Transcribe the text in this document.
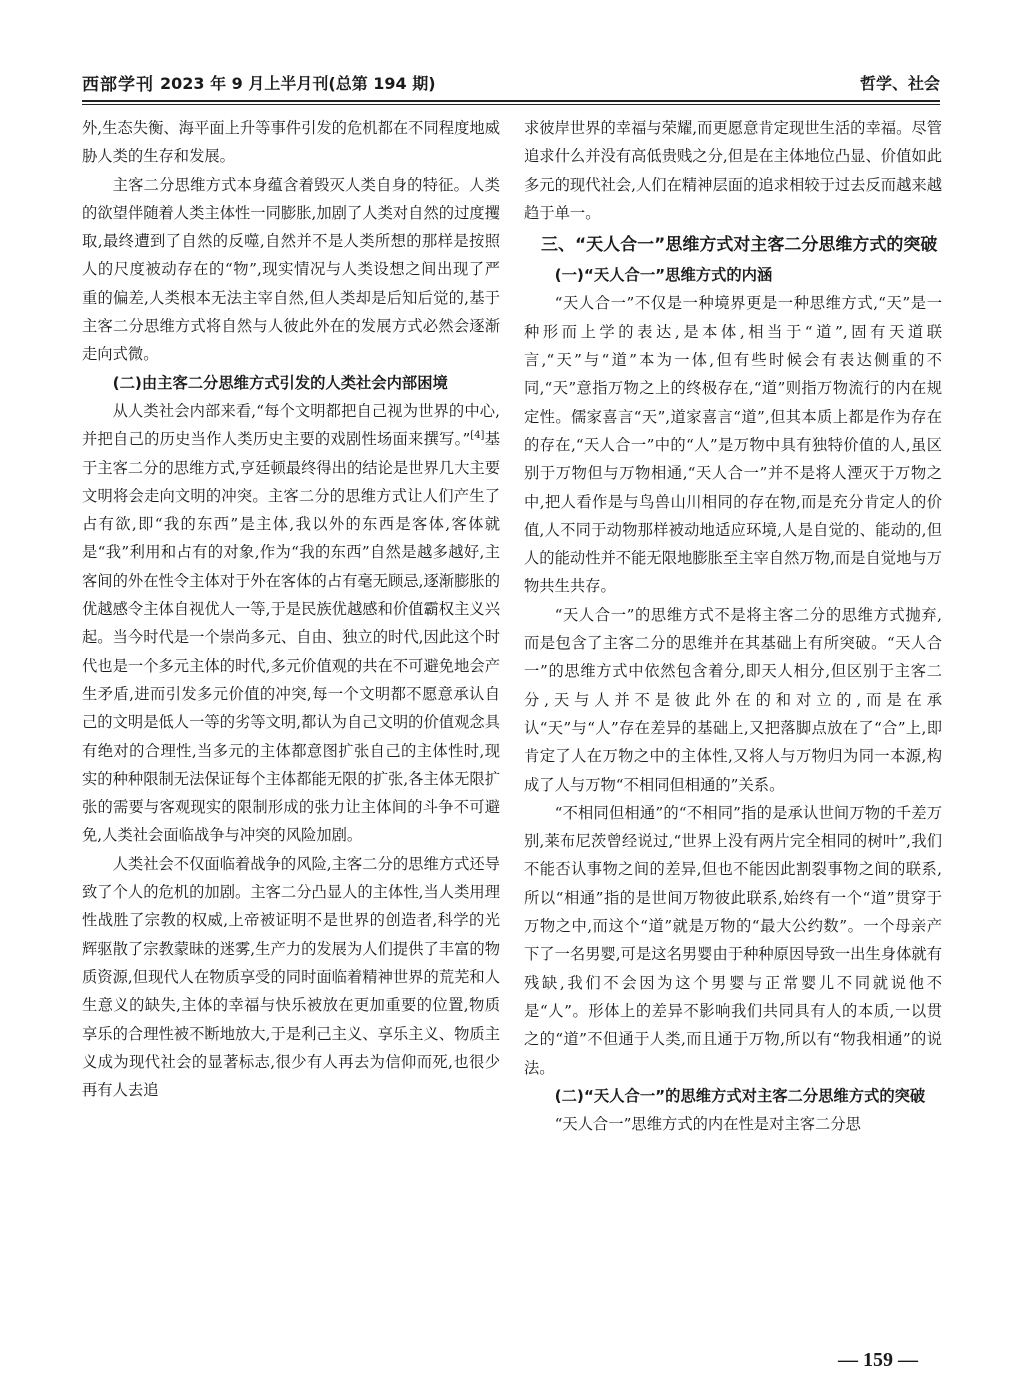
西部学刊 2023 年 9 月上半月刊(总第 194 期)	哲学、社会

外,生态失衡、海平面上升等事件引发的危机都在不同程度地威胁人类的生存和发展。

主客二分思维方式本身蕴含着毁灭人类自身的特征。人类的欲望伴随着人类主体性一同膨胀,加剧了人类对自然的过度攫取,最终遭到了自然的反噬,自然并不是人类所想的那样是按照人的尺度被动存在的“物”,现实情况与人类设想之间出现了严重的偏差,人类根本无法主宰自然,但人类却是后知后觉的,基于主客二分思维方式将自然与人彼此外在的发展方式必然会逐渐走向式微。

(二)由主客二分思维方式引发的人类社会内部困境

从人类社会内部来看,“每个文明都把自己视为世界的中心,并把自己的历史当作人类历史主要的戏剧性场面来撰写。”[4]基于主客二分的思维方式,亨廷顿最终得出的结论是世界几大主要文明将会走向文明的冲突。主客二分的思维方式让人们产生了占有欲,即“我的东西”是主体,我以外的东西是客体,客体就是“我”利用和占有的对象,作为“我的东西”自然是越多越好,主客间的外在性令主体对于外在客体的占有毫无顾忌,逐渐膨胀的优越感令主体自视优人一等,于是民族优越感和价值霸权主义兴起。当今时代是一个崇尚多元、自由、独立的时代,因此这个时代也是一个多元主体的时代,多元价值观的共在不可避免地会产生矛盾,进而引发多元价值的冲突,每一个文明都不愿意承认自己的文明是低人一等的劣等文明,都认为自己文明的价值观念具有绝对的合理性,当多元的主体都意图扩张自己的主体性时,现实的种种限制无法保证每个主体都能无限的扩张,各主体无限扩张的需要与客观现实的限制形成的张力让主体间的斗争不可避免,人类社会面临战争与冲突的风险加剧。

人类社会不仅面临着战争的风险,主客二分的思维方式还导致了个人的危机的加剧。主客二分凸显人的主体性,当人类用理性战胜了宗教的权威,上帝被证明不是世界的创造者,科学的光辉驱散了宗教蒙昧的迷雾,生产力的发展为人们提供了丰富的物质资源,但现代人在物质享受的同时面临着精神世界的荒芜和人生意义的缺失,主体的幸福与快乐被放在更加重要的位置,物质享乐的合理性被不断地放大,于是利己主义、享乐主义、物质主义成为现代社会的显著标志,很少有人再去为信仰而死,也很少再有人去追

求彼岸世界的幸福与荣耀,而更愿意肯定现世生活的幸福。尽管追求什么并没有高低贵贱之分,但是在主体地位凸显、价值如此多元的现代社会,人们在精神层面的追求相较于过去反而越来越趋于单一。

三、“天人合一”思维方式对主客二分思维方式的突破
(一)“天人合一”思维方式的内涵

“天人合一”不仅是一种境界更是一种思维方式,“天”是一种形而上学的表达,是本体,相当于“道”,固有天道联言,“天”与“道”本为一体,但有些时候会有表达侧重的不同,“天”意指万物之上的终极存在,“道”则指万物流行的内在规定性。儒家喜言“天”,道家喜言“道”,但其本质上都是作为存在的存在,“天人合一”中的“人”是万物中具有独特价值的人,虽区别于万物但与万物相通,“天人合一”并不是将人湮灭于万物之中,把人看作是与鸟兽山川相同的存在物,而是充分肯定人的价值,人不同于动物那样被动地适应环境,人是自觉的、能动的,但人的能动性并不能无限地膨胀至主宰自然万物,而是自觉地与万物共生共存。

“天人合一”的思维方式不是将主客二分的思维方式抛弃,而是包含了主客二分的思维并在其基础上有所突破。“天人合一”的思维方式中依然包含着分,即天人相分,但区别于主客二分,天与人并不是彼此外在的和对立的,而是在承认“天”与“人”存在差异的基础上,又把落脚点放在了“合”上,即肯定了人在万物之中的主体性,又将人与万物归为同一本源,构成了人与万物“不相同但相通的”关系。

“不相同但相通”的“不相同”指的是承认世间万物的千差万别,莱布尼茨曾经说过,“世界上没有两片完全相同的树叶”,我们不能否认事物之间的差异,但也不能因此割裂事物之间的联系,所以“相通”指的是世间万物彼此联系,始终有一个“道”贯穿于万物之中,而这个“道”就是万物的“最大公约数”。一个母亲产下了一名男婴,可是这名男婴由于种种原因导致一出生身体就有残缺,我们不会因为这个男婴与正常婴儿不同就说他不是“人”。形体上的差异不影响我们共同具有人的本质,一以贯之的“道”不但通于人类,而且通于万物,所以有“物我相通”的说法。

(二)“天人合一”的思维方式对主客二分思维方式的突破

“天人合一”思维方式的内在性是对主客二分思

— 159 —
